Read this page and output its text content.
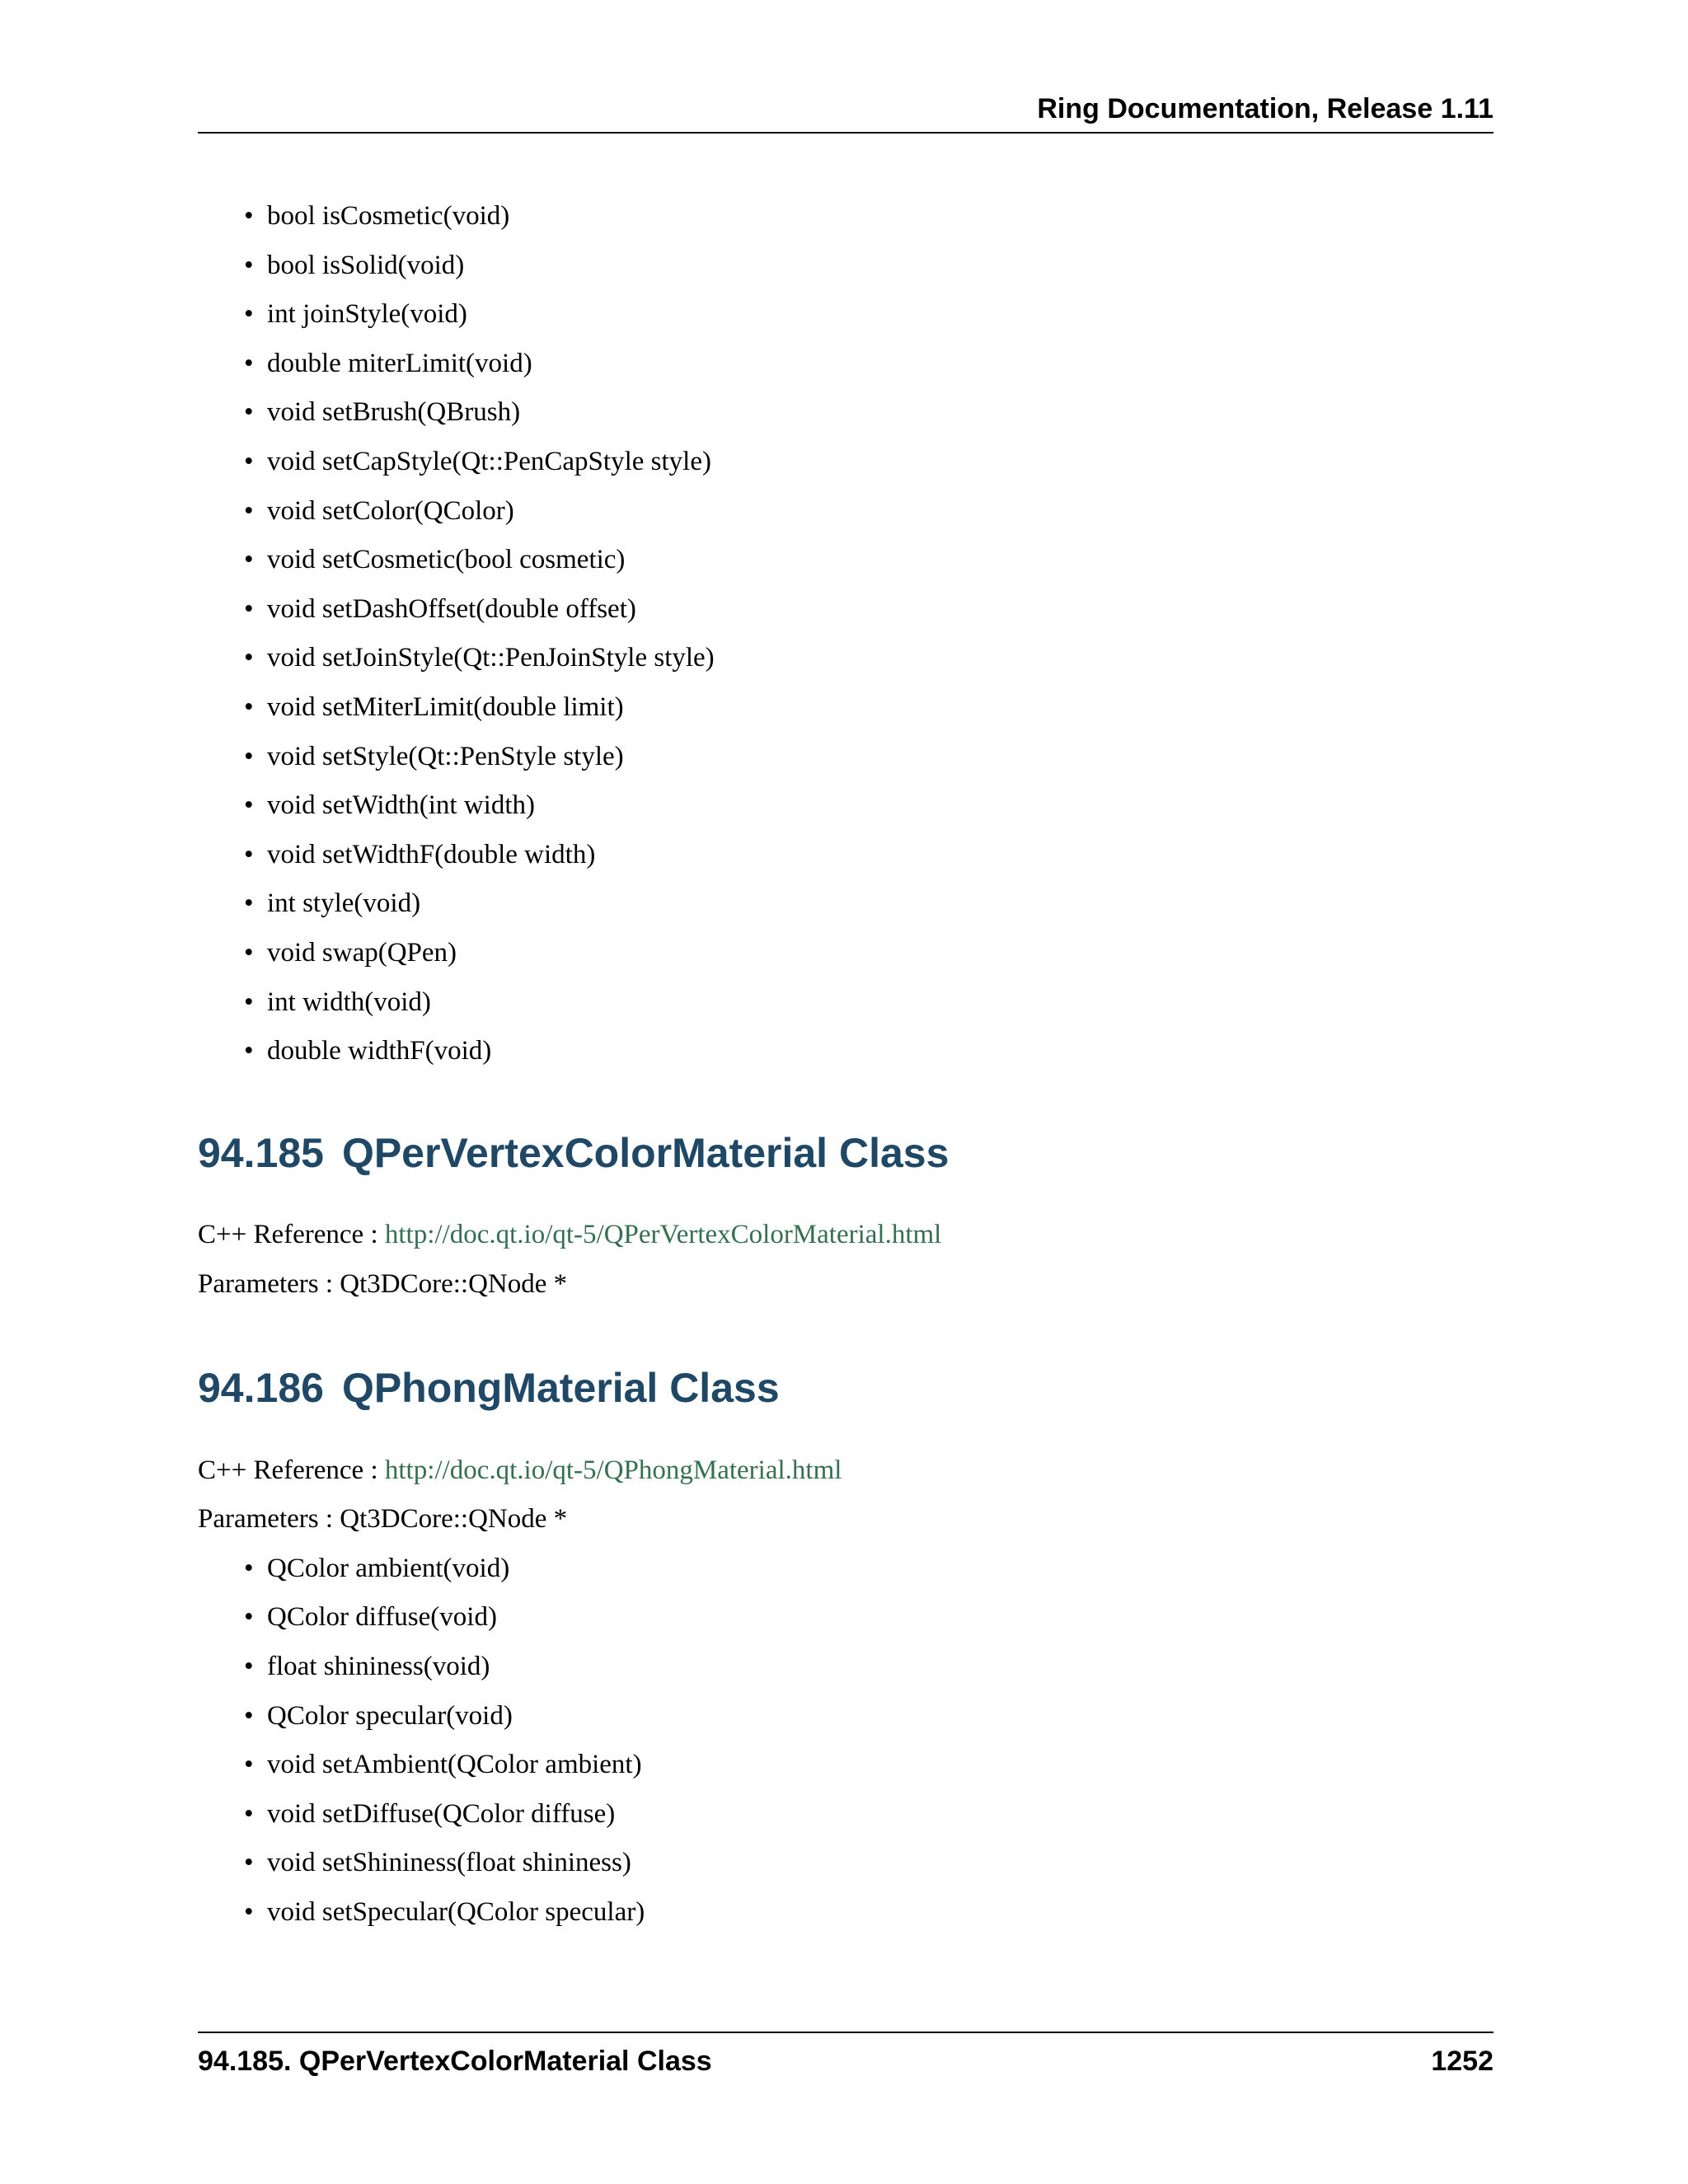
Ring Documentation, Release 1.11
• bool isCosmetic(void)
• bool isSolid(void)
• int joinStyle(void)
• double miterLimit(void)
• void setBrush(QBrush)
• void setCapStyle(Qt::PenCapStyle style)
• void setColor(QColor)
• void setCosmetic(bool cosmetic)
• void setDashOffset(double offset)
• void setJoinStyle(Qt::PenJoinStyle style)
• void setMiterLimit(double limit)
• void setStyle(Qt::PenStyle style)
• void setWidth(int width)
• void setWidthF(double width)
• int style(void)
• void swap(QPen)
• int width(void)
• double widthF(void)
94.185 QPerVertexColorMaterial Class
C++ Reference : http://doc.qt.io/qt-5/QPerVertexColorMaterial.html
Parameters : Qt3DCore::QNode *
94.186 QPhongMaterial Class
C++ Reference : http://doc.qt.io/qt-5/QPhongMaterial.html
Parameters : Qt3DCore::QNode *
• QColor ambient(void)
• QColor diffuse(void)
• float shininess(void)
• QColor specular(void)
• void setAmbient(QColor ambient)
• void setDiffuse(QColor diffuse)
• void setShininess(float shininess)
• void setSpecular(QColor specular)
94.185. QPerVertexColorMaterial Class	1252
